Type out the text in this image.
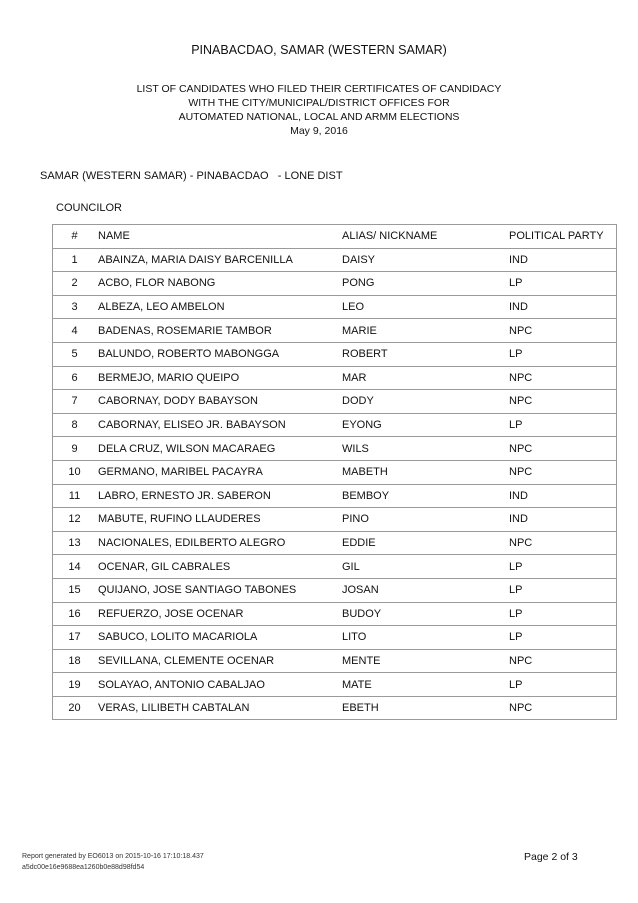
PINABACDAO, SAMAR (WESTERN SAMAR)
LIST OF CANDIDATES WHO FILED THEIR CERTIFICATES OF CANDIDACY
WITH THE CITY/MUNICIPAL/DISTRICT OFFICES FOR
AUTOMATED NATIONAL, LOCAL AND ARMM ELECTIONS
May 9, 2016
SAMAR (WESTERN SAMAR) - PINABACDAO   - LONE DIST
COUNCILOR
#	NAME	ALIAS/ NICKNAME	POLITICAL PARTY
1	ABAINZA, MARIA DAISY BARCENILLA	DAISY	IND
2	ACBO, FLOR NABONG	PONG	LP
3	ALBEZA, LEO AMBELON	LEO	IND
4	BADENAS, ROSEMARIE TAMBOR	MARIE	NPC
5	BALUNDO, ROBERTO MABONGGA	ROBERT	LP
6	BERMEJO, MARIO QUEIPO	MAR	NPC
7	CABORNAY, DODY BABAYSON	DODY	NPC
8	CABORNAY, ELISEO JR. BABAYSON	EYONG	LP
9	DELA CRUZ, WILSON MACARAEG	WILS	NPC
10	GERMANO, MARIBEL PACAYRA	MABETH	NPC
11	LABRO, ERNESTO JR. SABERON	BEMBOY	IND
12	MABUTE, RUFINO LLAUDERES	PINO	IND
13	NACIONALES, EDILBERTO ALEGRO	EDDIE	NPC
14	OCENAR, GIL CABRALES	GIL	LP
15	QUIJANO, JOSE SANTIAGO TABONES	JOSAN	LP
16	REFUERZO, JOSE OCENAR	BUDOY	LP
17	SABUCO, LOLITO MACARIOLA	LITO	LP
18	SEVILLANA, CLEMENTE OCENAR	MENTE	NPC
19	SOLAYAO, ANTONIO CABALJAO	MATE	LP
20	VERAS, LILIBETH CABTALAN	EBETH	NPC
Report generated by EO6013 on 2015-10-16 17:10:18.437
a5dc00e16e9688ea1260b0e88d98fd54
Page 2 of 3
